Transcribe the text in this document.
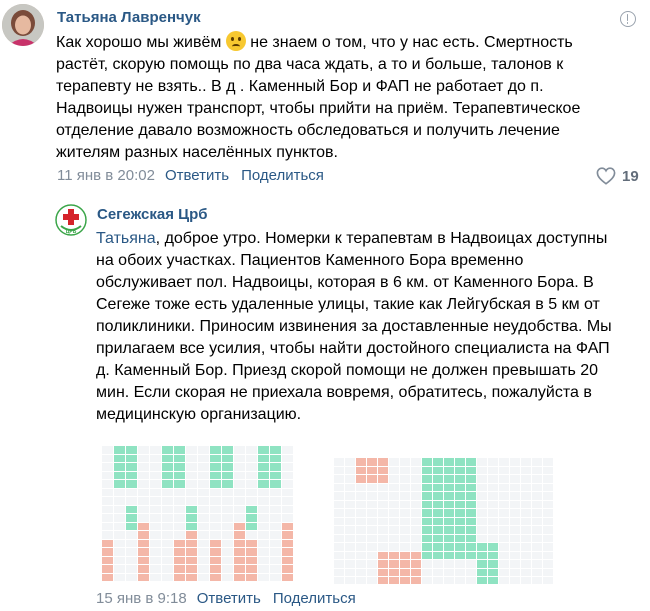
Татьяна Лавренчук
Как хорошо мы живём не знаем о том, что у нас есть. Смертность
растёт, скорую помощь по два часа ждать, а то и больше, талонов к
терапевту не взять.. В д . Каменный Бор и ФАП не работает до п.
Надвоицы нужен транспорт, чтобы прийти на приём. Терапевтическое
отделение давало возможность обследоваться и получить лечение
жителям разных населённых пунктов.
11 янв в 20:02 Ответить Поделиться	19
ЦРБ
Сегежская Црб
Татьяна, доброе утро. Номерки к терапевтам в Надвоицах доступны
на обоих участках. Пациентов Каменного Бора временно
обслуживает пол. Надвоицы, которая в 6 км. от Каменного Бора. В
Сегеже тоже есть удаленные улицы, такие как Лейгубская в 5 км от
поликлиники. Приносим извинения за доставленные неудобства. Мы
прилагаем все усилия, чтобы найти достойного специалиста на ФАП
д. Каменный Бор. Приезд скорой помощи не должен превышать 20
мин. Если скорая не приехала вовремя, обратитесь, пожалуйста в
медицинскую организацию.
15 янв в 9:18 Ответить Поделиться
